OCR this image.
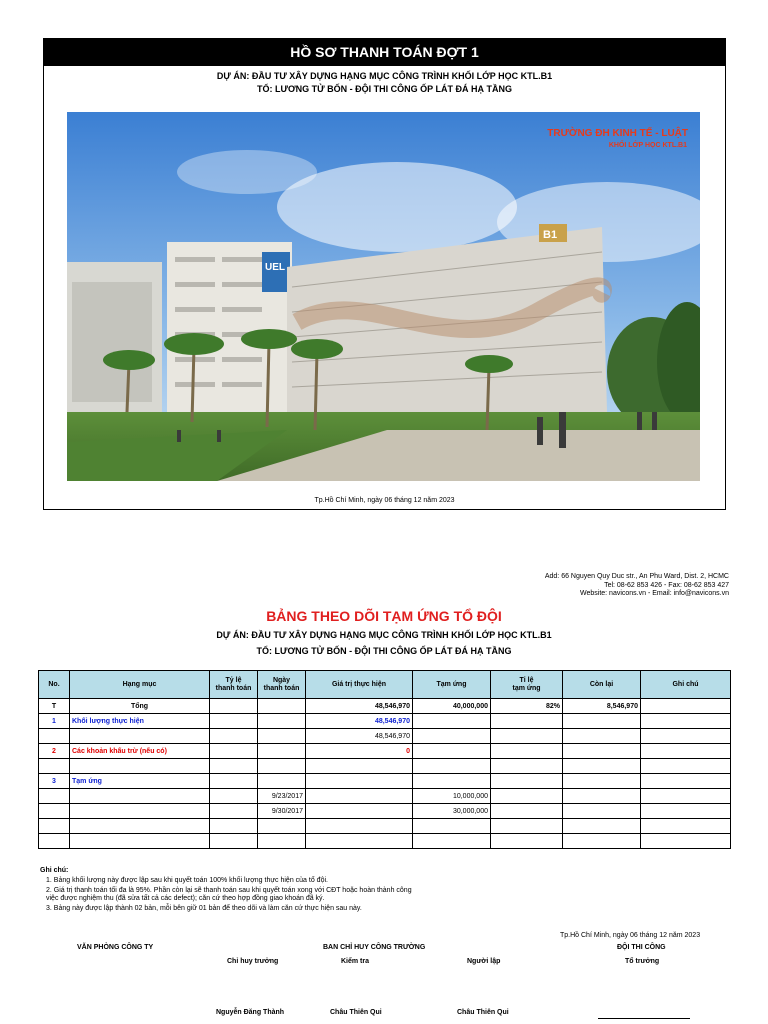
HỒ SƠ THANH TOÁN ĐỢT 1
DỰ ÁN: ĐẦU TƯ XÂY DỰNG HẠNG MỤC CÔNG TRÌNH KHỐI LỚP HỌC KTL.B1
TỔ: LƯƠNG TỬ BỐN - ĐỘI THI CÔNG ỐP LÁT ĐÁ HẠ TẦNG
UEL
B1
TRƯỜNG ĐH KINH TẾ - LUẬT
KHỐI LỚP HỌC KTL.B1
Tp.Hồ Chí Minh, ngày 06 tháng 12 năm 2023
Add: 66 Nguyen Quy Duc str., An Phu Ward, Dist. 2, HCMC
Tel: 08-62 853 426 - Fax: 08-62 853 427
Website: navicons.vn - Email: info@navicons.vn
BẢNG THEO DÕI TẠM ỨNG TỔ ĐỘI
DỰ ÁN: ĐẦU TƯ XÂY DỰNG HẠNG MỤC CÔNG TRÌNH KHỐI LỚP HỌC KTL.B1
TỔ: LƯƠNG TỬ BỐN - ĐỘI THI CÔNG ỐP LÁT ĐÁ HẠ TẦNG
No.	Hạng mục	Tỷ lệ
thanh toán	Ngày
thanh toán	Giá trị thực hiện	Tạm ứng	Tỉ lệ
tạm ứng	Còn lại	Ghi chú
T	Tổng			48,546,970	40,000,000	82%	8,546,970	
1	Khối lượng thực hiện			48,546,970				
				48,546,970				
2	Các khoản khấu trừ (nếu có)			0				

3	Tạm ứng							
			9/23/2017		10,000,000			
			9/30/2017		30,000,000			

Ghi chú:
1. Bảng khối lượng này được lập sau khi quyết toán 100% khối lượng thực hiện của tổ đội.
2. Giá trị thanh toán tối đa là 95%. Phần còn lại sẽ thanh toán sau khi quyết toán xong với CĐT hoặc hoàn thành công
việc được nghiệm thu (đã sửa tất cả các defect); căn cứ theo hợp đồng giao khoán đã ký.
3. Bảng này được lập thành 02 bản, mỗi bên giữ 01 bản để theo dõi và làm căn cứ thực hiện sau này.
Tp.Hồ Chí Minh, ngày 06 tháng 12 năm 2023
VĂN PHÒNG CÔNG TY	BAN CHỈ HUY CÔNG TRƯỜNG	ĐỘI THI CÔNG
Chỉ huy trưởng	Kiểm tra	Người lập	Tổ trưởng
Nguyễn Đăng Thành	Châu Thiên Qui	Châu Thiên Qui
